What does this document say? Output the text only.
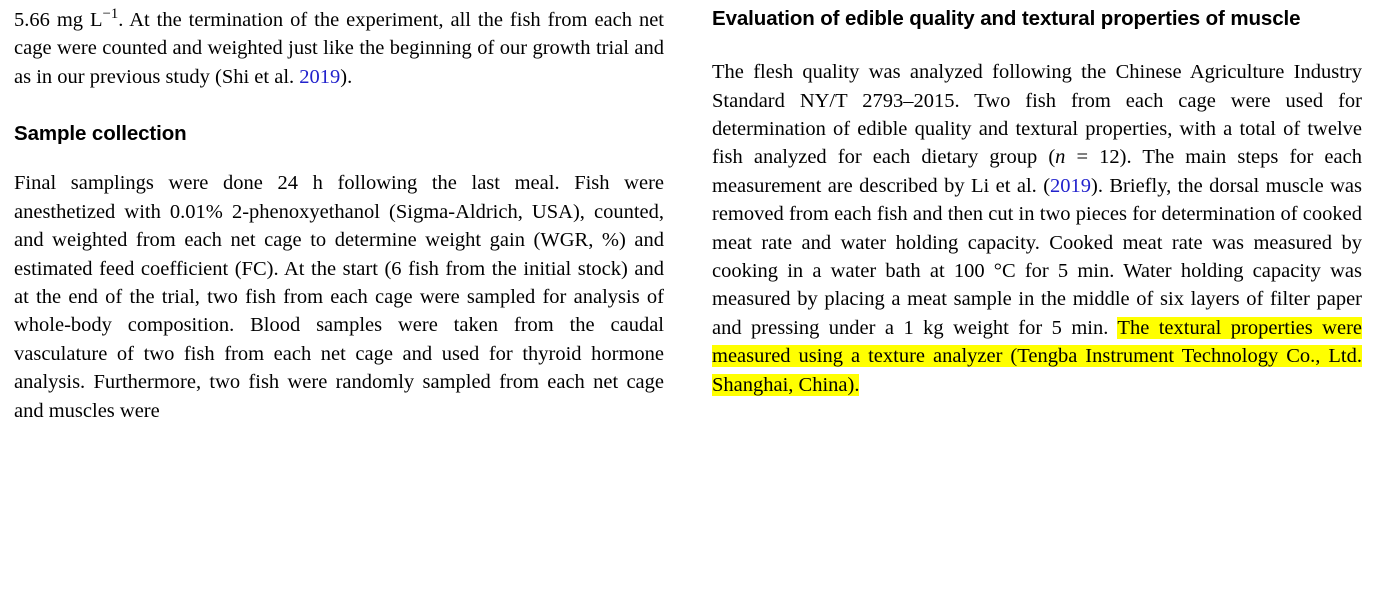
5.66 mg $L^{-1}$. At the termination of the experiment, all the fish from each net cage were counted and weighted just like the beginning of our growth trial and as in our previous study (Shi et al. 2019).

Sample collection

Final samplings were done 24 h following the last meal. Fish were anesthetized with 0.01% 2-phenoxyethanol (Sigma-Aldrich, USA), counted, and weighted from each net cage to determine weight gain (WGR, %) and estimated feed coefficient (FC). At the start (6 fish from the initial stock) and at the end of the trial, two fish from each cage were sampled for analysis of whole-body composition. Blood samples were taken from the caudal vasculature of two fish from each net cage and used for thyroid hormone analysis. Furthermore, two fish were randomly sampled from each net cage and muscles were

Evaluation of edible quality and textural properties of muscle

The flesh quality was analyzed following the Chinese Agriculture Industry Standard NY/T 2793–2015. Two fish from each cage were used for determination of edible quality and textural properties, with a total of twelve fish analyzed for each dietary group (n = 12). The main steps for each measurement are described by Li et al. (2019). Briefly, the dorsal muscle was removed from each fish and then cut in two pieces for determination of cooked meat rate and water holding capacity. Cooked meat rate was measured by cooking in a water bath at 100 °C for 5 min. Water holding capacity was measured by placing a meat sample in the middle of six layers of filter paper and pressing under a 1 kg weight for 5 min. The textural properties were measured using a texture analyzer (Tengba Instrument Technology Co., Ltd. Shanghai, China).
